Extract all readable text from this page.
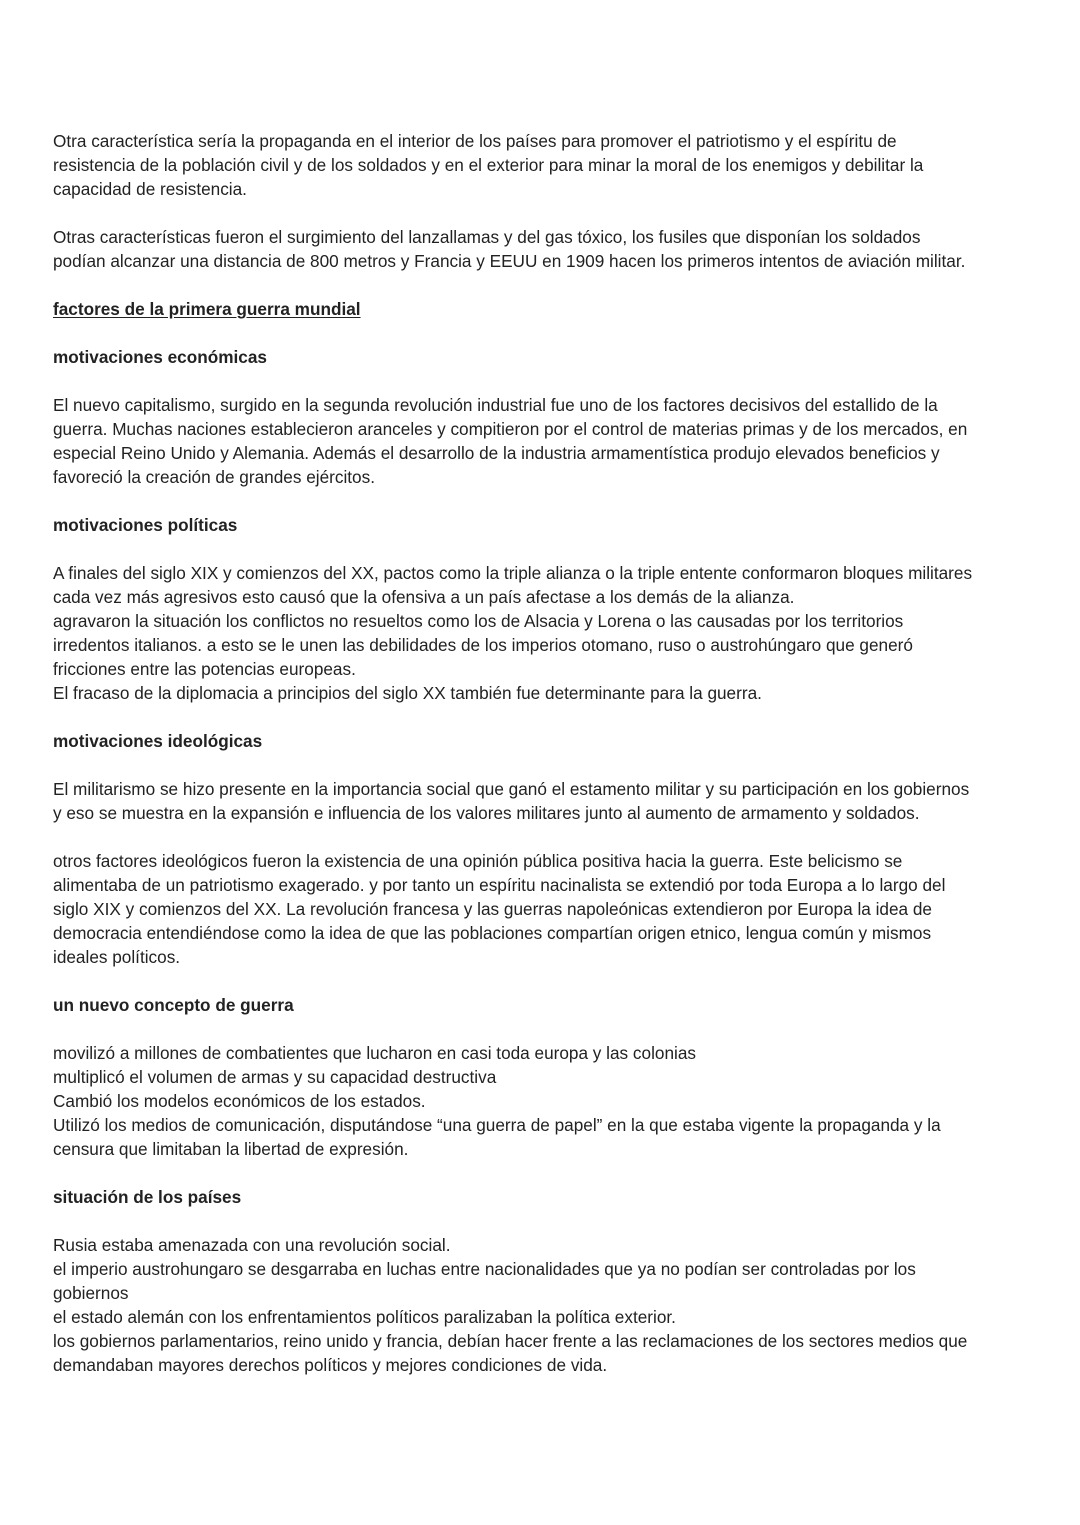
Otra característica sería la propaganda en el interior de los países para promover el patriotismo y el espíritu de
resistencia de la población civil y de los soldados y en el exterior para minar la moral de los enemigos y debilitar la
capacidad de resistencia.

Otras características fueron el surgimiento del lanzallamas y del gas tóxico, los fusiles que disponían los soldados
podían alcanzar una distancia de 800 metros y Francia y EEUU en 1909 hacen los primeros intentos de aviación militar.

factores de la primera guerra mundial
motivaciones económicas

El nuevo capitalismo, surgido en la segunda revolución industrial fue uno de los factores decisivos del estallido de la
guerra. Muchas naciones establecieron aranceles y compitieron por el control de materias primas y de los mercados, en
especial Reino Unido y Alemania. Además el desarrollo de la industria armamentística produjo elevados beneficios y
favoreció la creación de grandes ejércitos.

motivaciones políticas

A finales del siglo XIX y comienzos del XX, pactos como la triple alianza o la triple entente conformaron bloques militares
cada vez más agresivos esto causó que la ofensiva a un país afectase a los demás de la alianza.
agravaron la situación los conflictos no resueltos como los de Alsacia y Lorena o las causadas por los territorios
irredentos italianos. a esto se le unen las debilidades de los imperios otomano, ruso o austrohúngaro que generó
fricciones entre las potencias europeas.
El fracaso de la diplomacia a principios del siglo XX también fue determinante para la guerra.

motivaciones ideológicas

El militarismo se hizo presente en la importancia social que ganó el estamento militar y su participación en los gobiernos
y eso se muestra en la expansión e influencia de los valores militares junto al aumento de armamento y soldados.

otros factores ideológicos fueron la existencia de una opinión pública positiva hacia la guerra. Este belicismo se
alimentaba de un patriotismo exagerado. y por tanto un espíritu nacinalista se extendió por toda Europa a lo largo del
siglo XIX y comienzos del XX. La revolución francesa y las guerras napoleónicas extendieron por Europa la idea de
democracia entendiéndose como la idea de que las poblaciones compartían origen etnico, lengua común y mismos
ideales políticos.

un nuevo concepto de guerra

movilizó a millones de combatientes que lucharon en casi toda europa y las colonias
multiplicó el volumen de armas y su capacidad destructiva
Cambió los modelos económicos de los estados.
Utilizó los medios de comunicación, disputándose “una guerra de papel” en la que estaba vigente la propaganda y la
censura que limitaban la libertad de expresión.

situación de los países

Rusia estaba amenazada con una revolución social.
el imperio austrohungaro se desgarraba en luchas entre nacionalidades que ya no podían ser controladas por los
gobiernos
el estado alemán con los enfrentamientos políticos paralizaban la política exterior.
los gobiernos parlamentarios, reino unido y francia, debían hacer frente a las reclamaciones de los sectores medios que
demandaban mayores derechos políticos y mejores condiciones de vida.
